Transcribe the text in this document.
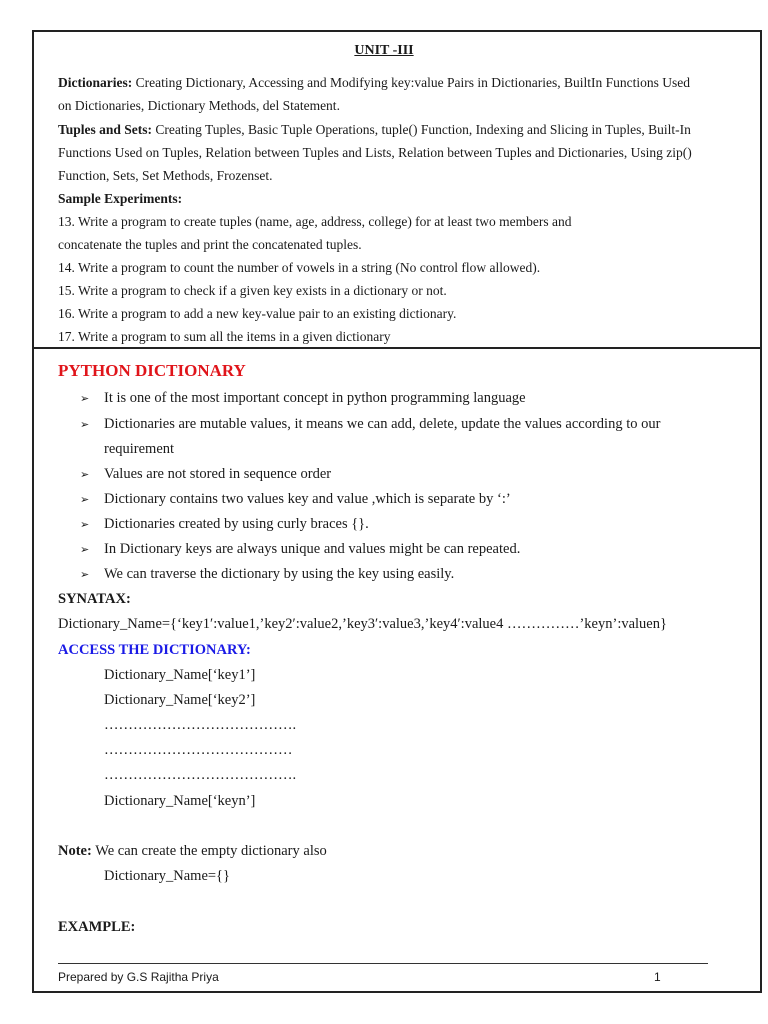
UNIT -III
Dictionaries: Creating Dictionary, Accessing and Modifying key:value Pairs in Dictionaries, BuiltIn Functions Used
on Dictionaries, Dictionary Methods, del Statement.
Tuples and Sets: Creating Tuples, Basic Tuple Operations, tuple() Function, Indexing and Slicing in Tuples, Built-In
Functions Used on Tuples, Relation between Tuples and Lists, Relation between Tuples and Dictionaries, Using zip()
Function, Sets, Set Methods, Frozenset.
Sample Experiments:
13. Write a program to create tuples (name, age, address, college) for at least two members and
concatenate the tuples and print the concatenated tuples.
14. Write a program to count the number of vowels in a string (No control flow allowed).
15. Write a program to check if a given key exists in a dictionary or not.
16. Write a program to add a new key-value pair to an existing dictionary.
17. Write a program to sum all the items in a given dictionary
PYTHON DICTIONARY
➢ It is one of the most important concept in python programming language
➢ Dictionaries are mutable values, it means we can add, delete, update the values according to our requirement
➢ Values are not stored in sequence order
➢ Dictionary contains two values key and value ,which is separate by ‘:’
➢ Dictionaries created by using curly braces {}.
➢ In Dictionary keys are always unique and values might be can repeated.
➢ We can traverse the dictionary by using the key using easily.
SYNATAX:
Dictionary_Name={‘key1′:value1,’key2′:value2,’key3′:value3,’key4′:value4 ……………’keyn’:valuen}
ACCESS THE DICTIONARY:
Dictionary_Name[‘key1’]
Dictionary_Name[‘key2’]
………………………………….
…………………………………
………………………………….
Dictionary_Name[‘keyn’]
Note: We can create the empty dictionary also
Dictionary_Name={}
EXAMPLE:
Prepared by G.S Rajitha Priya	1
